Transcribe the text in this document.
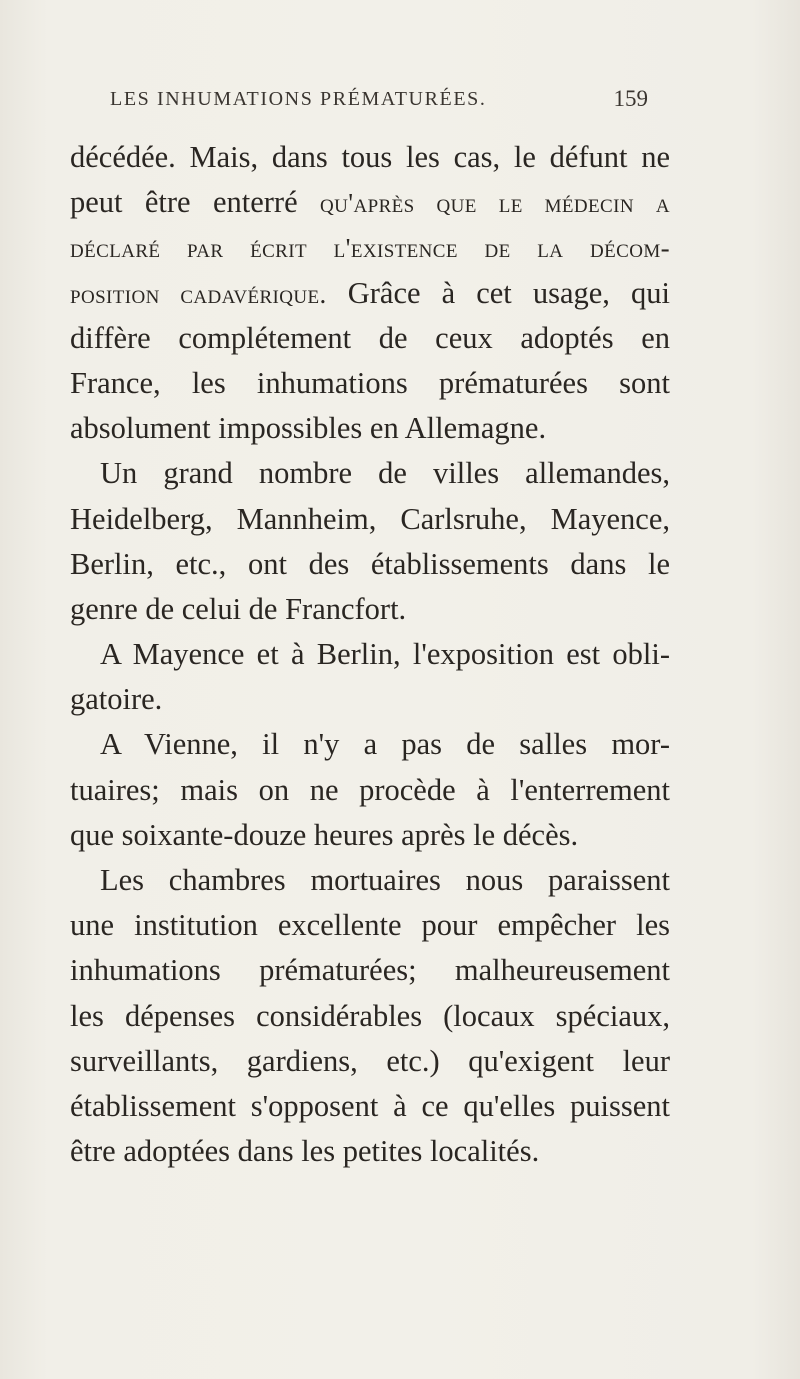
LES INHUMATIONS PRÉMATURÉES.	159
décédée. Mais, dans tous les cas, le défunt ne
peut être enterré qu'après que le médecin a
déclaré par écrit l'existence de la décom-
position cadavérique. Grâce à cet usage, qui
diffère complétement de ceux adoptés en
France, les inhumations prématurées sont
absolument impossibles en Allemagne.
Un grand nombre de villes allemandes,
Heidelberg, Mannheim, Carlsruhe, Mayence,
Berlin, etc., ont des établissements dans le
genre de celui de Francfort.
A Mayence et à Berlin, l'exposition est obli-
gatoire.
A Vienne, il n'y a pas de salles mor-
tuaires; mais on ne procède à l'enterrement
que soixante-douze heures après le décès.
Les chambres mortuaires nous paraissent
une institution excellente pour empêcher les
inhumations prématurées; malheureusement
les dépenses considérables (locaux spéciaux,
surveillants, gardiens, etc.) qu'exigent leur
établissement s'opposent à ce qu'elles puissent
être adoptées dans les petites localités.
